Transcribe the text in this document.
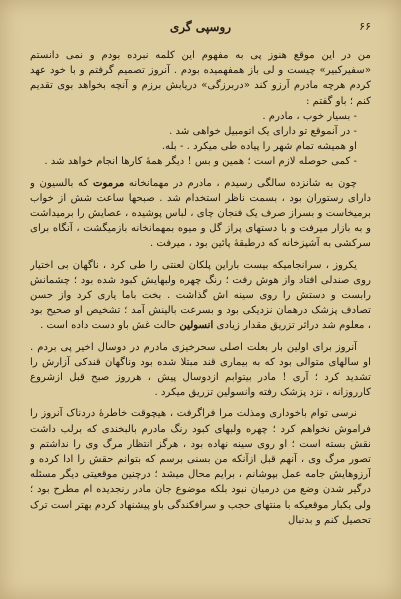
۶۶
روسپی گری

من در این موقع هنوز پی به مفهوم این کلمه نبرده بودم و نمی دانستم «سفیرکبیر» چیست و لی باز همفهمیده بودم . آنروز تصمیم گرفتم و با خود عهد کردم هرچه مادرم آرزو کند «دربرزگی» دریابش برزم و آنچه بخواهد بوی تقدیم کنم ؛ باو گفتم :

- بسیار خوب ، مادرم .

- در آنموقع تو دارای یک اتومبیل خواهی شد .

او همیشه تمام شهر را پیاده طی میکرد . - بله.

- کمی حوصله لازم است ؛ همین و بس ! دیگر همهٔ کارها انجام خواهد شد .

چون به شانزده سالگی رسیدم ، مادرم در مهمانخانه مرموت که بالسیون و دارای رستوران بود ، بسمت ناظر استخدام شد . صبحها ساعت شش از خواب برمیخاست و بسراز صرف یک فنجان چای ، لباس پوشیده ، عصایش را برمیداشت و به بازار میرفت و با دستهای پراز گل و میوه بمهمانخانه بازمیگشت ، آنگاه برای سرکشی به آشپزخانه که درطبقهٔ پائین بود ، میرفت .

یکروز ، سرانجامیکه بیست باراین پلکان لعنتی را طی کرد ، ناگهان بی اختیار روی صندلی افتاد واز هوش رفت ؛ رنگ چهره ولبهایش کبود شده بود ؛ چشمانش رابست و دستش را روی سینه اش گذاشت . بخت باما یاری کرد واز حسن تصادف پزشک درهمان نزدیکی بود و بسرعت بالینش آمد ؛ تشخیص او صحیح بود ، معلوم شد دراثر تزریق مقدار زیادی انسولین حالت غش باو دست داده است .

آنروز برای اولین بار بعلت اصلی سحرخیزی مادرم در دوسال اخیر پی بردم . او سالهای متوالی بود که به بیماری قند مبتلا شده بود وناگهان قندکی آزارش را تشدید کرد ؛ آری ! مادر بیتوابم ازدوسال پیش ، هرروز صبح قبل ازشروع کارروزانه ، نزد پزشک رفته وانسولین تزریق میکرد .

نرسی توام باخوداری ومذلت مرا فراگرفت ، هیچوقت خاطرهٔ دردناک آنروز را فراموش نخواهم کرد ؛ چهره ولبهای کبود رنگ مادرم بالبخندی که برلب داشت نقش بسته است ؛ او روی سینه نهاده بود ، هرگز انتظار مرگ وی را نداشتم و تصور مرگ وی ، آنهم قبل ازآنکه من بسنی برسم که بتوانم حقش را ادا کرده و آرزوهایش جامه عمل بپوشانم ، برایم محال میشد ؛ درچنین موقعیتی دیگر مسئله درگیر شدن وضع من درمیان نبود بلکه موضوع جان مادر رنجدیده ام مطرح بود ؛ ولی یکبار موقعیکه با منتهای حجب و سرافکندگی باو پیشنهاد کردم بهتر است ترک تحصیل کنم و بدنبال
